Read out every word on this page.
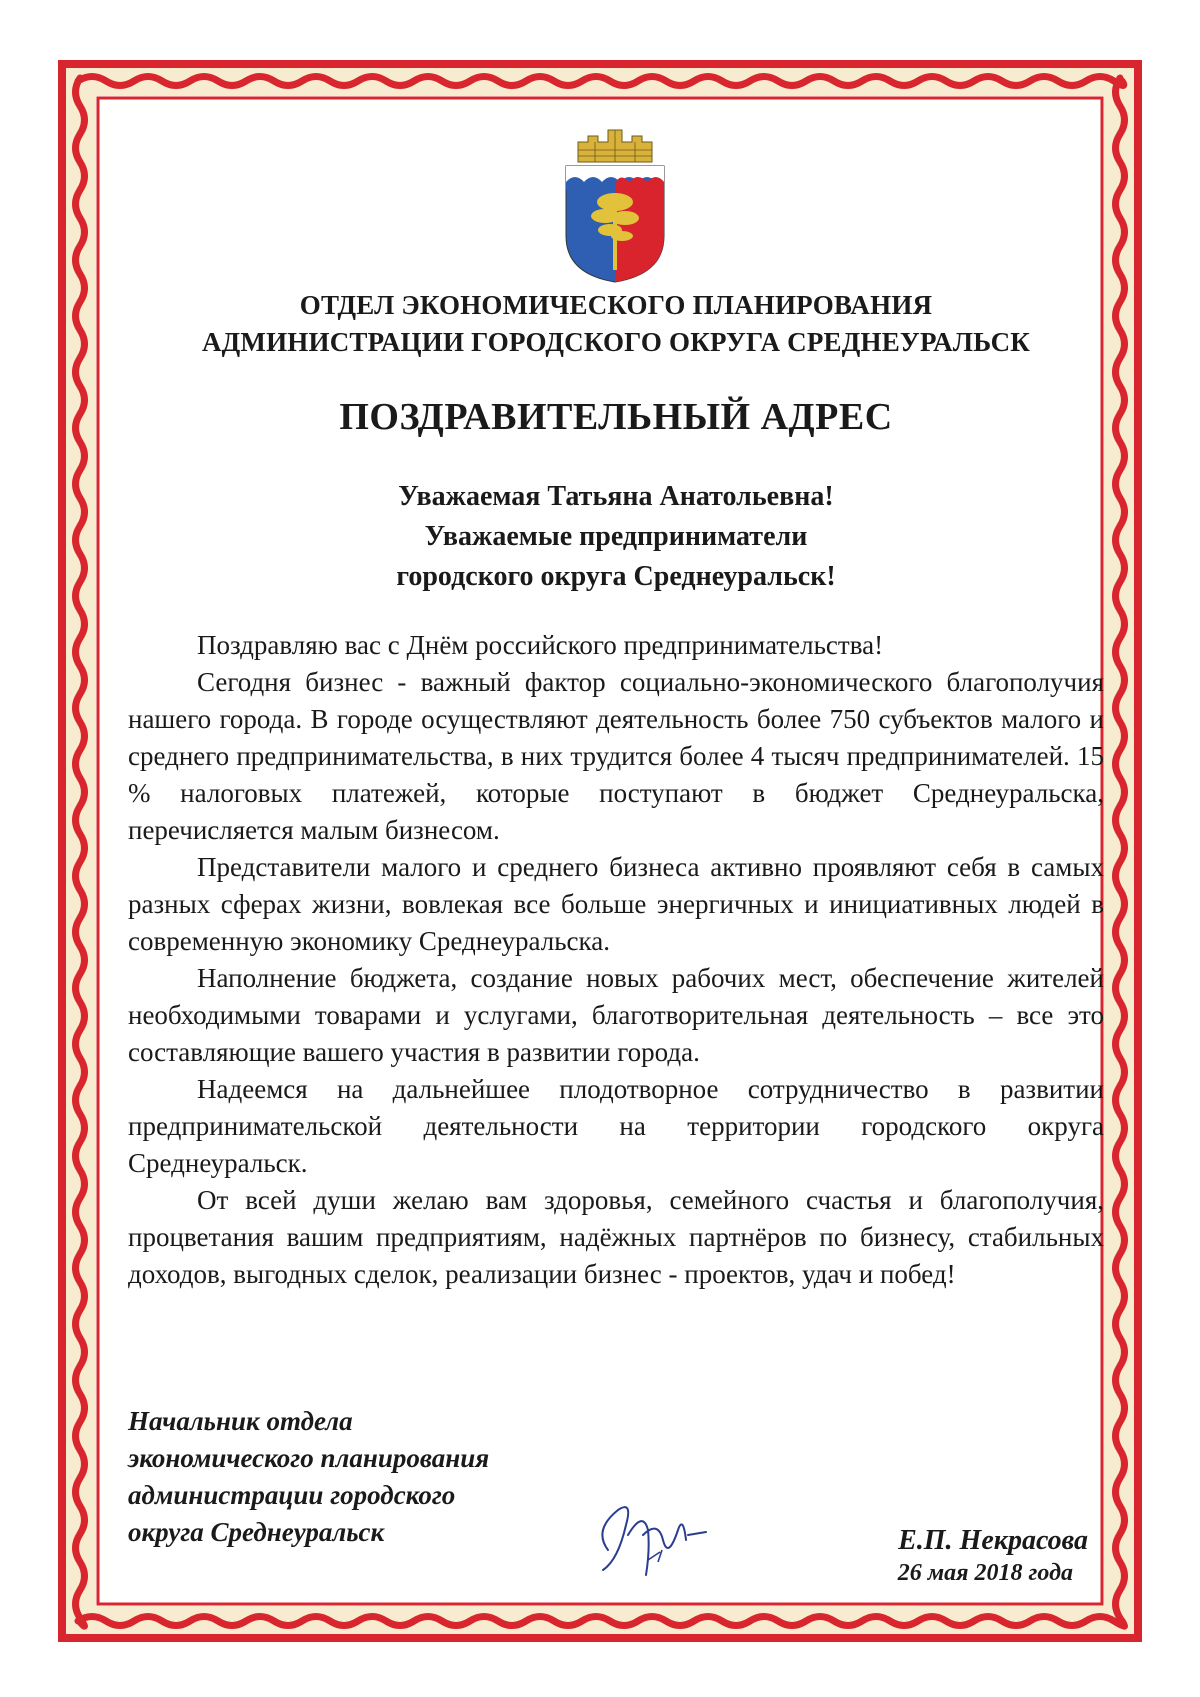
ОТДЕЛ ЭКОНОМИЧЕСКОГО ПЛАНИРОВАНИЯ
АДМИНИСТРАЦИИ ГОРОДСКОГО ОКРУГА СРЕДНЕУРАЛЬСК
ПОЗДРАВИТЕЛЬНЫЙ АДРЕС
Уважаемая Татьяна Анатольевна!
Уважаемые предприниматели
городского округа Среднеуральск!

Поздравляю вас с Днём российского предпринимательства!

Сегодня бизнес - важный фактор социально-экономического благополучия нашего города. В городе осуществляют деятельность более 750 субъектов малого и среднего предпринимательства, в них трудится более 4 тысяч предпринимателей. 15 % налоговых платежей, которые поступают в бюджет Среднеуральска, перечисляется малым бизнесом.

Представители малого и среднего бизнеса активно проявляют себя в самых разных сферах жизни, вовлекая все больше энергичных и инициативных людей в современную экономику Среднеуральска.

Наполнение бюджета, создание новых рабочих мест, обеспечение жителей необходимыми товарами и услугами, благотворительная деятельность – все это составляющие вашего участия в развитии города.

Надеемся на дальнейшее плодотворное сотрудничество в развитии предпринимательской деятельности на территории городского округа Среднеуральск.

От всей души желаю вам здоровья, семейного счастья и благополучия, процветания вашим предприятиям, надёжных партнёров по бизнесу, стабильных доходов, выгодных сделок, реализации бизнес - проектов, удач и побед!

Начальник отдела
экономического планирования
администрации городского
округа Среднеуральск	Е.П. Некрасова
26 мая 2018 года
